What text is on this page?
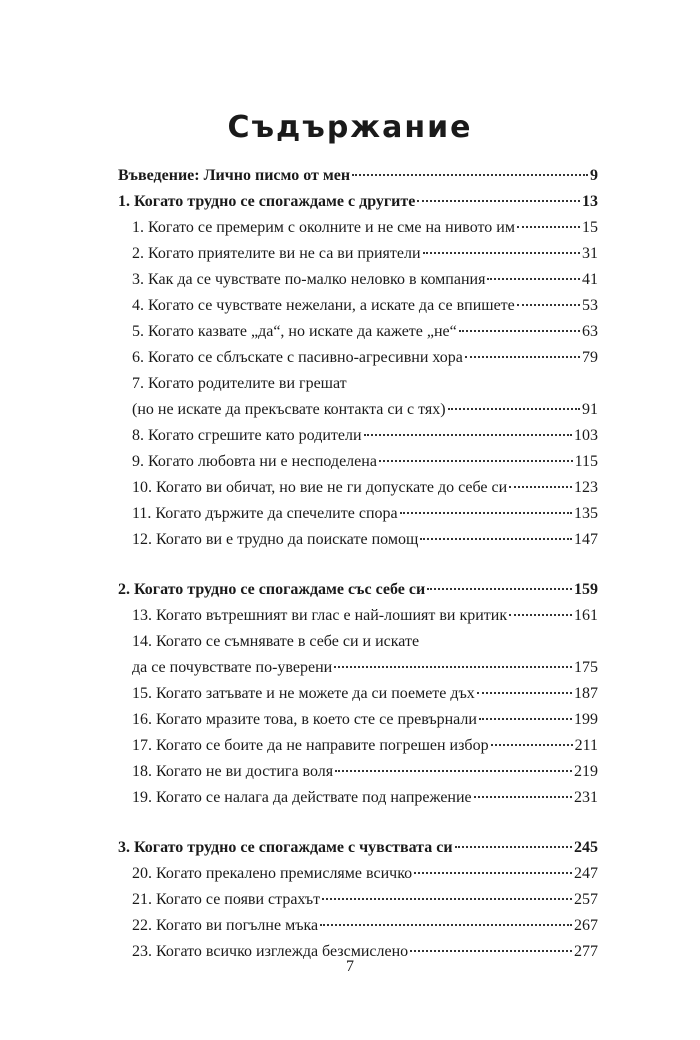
Съдържание
Въведение: Лично писмо от мен	9
1. Когато трудно се спогаждаме с другите	13
1. Когато се премерим с околните и не сме на нивото им	15
2. Когато приятелите ви не са ви приятели	31
3. Как да се чувствате по-малко неловко в компания	41
4. Когато се чувствате нежелани, а искате да се впишете	53
5. Когато казвате „да“, но искате да кажете „не“	63
6. Когато се сблъскате с пасивно-агресивни хора	79
7. Когато родителите ви грешат
(но не искате да прекъсвате контакта си с тях)	91
8. Когато сгрешите като родители	103
9. Когато любовта ни е несподелена	115
10. Когато ви обичат, но вие не ги допускате до себе си	123
11. Когато държите да спечелите спора	135
12. Когато ви е трудно да поискате помощ	147
2. Когато трудно се спогаждаме със себе си	159
13. Когато вътрешният ви глас е най-лошият ви критик	161
14. Когато се съмнявате в себе си и искате
да се почувствате по-уверени	175
15. Когато затъвате и не можете да си поемете дъх	187
16. Когато мразите това, в което сте се превърнали	199
17. Когато се боите да не направите погрешен избор	211
18. Когато не ви достига воля	219
19. Когато се налага да действате под напрежение	231
3. Когато трудно се спогаждаме с чувствата си	245
20. Когато прекалено премисляме всичко	247
21. Когато се появи страхът	257
22. Когато ви погълне мъка	267
23. Когато всичко изглежда безсмислено	277
7
